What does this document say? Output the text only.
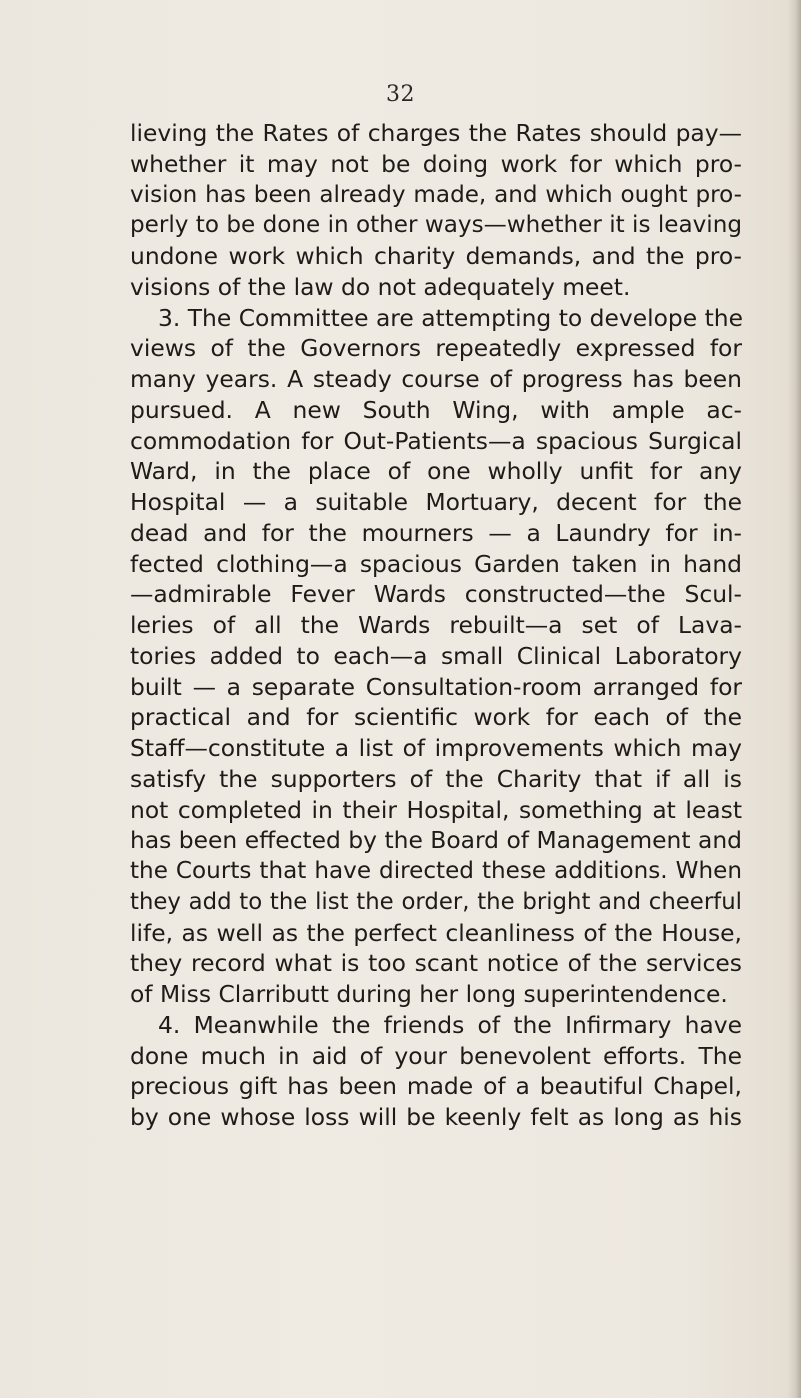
32
lieving the Rates of charges the Rates should pay—
whether it may not be doing work for which pro-
vision has been already made, and which ought pro-
perly to be done in other ways—whether it is leaving
undone work which charity demands, and the pro-
visions of the law do not adequately meet.
3. The Committee are attempting to develope the
views of the Governors repeatedly expressed for
many years. A steady course of progress has been
pursued. A new South Wing, with ample ac-
commodation for Out-Patients—a spacious Surgical
Ward, in the place of one wholly unfit for any
Hospital — a suitable Mortuary, decent for the
dead and for the mourners — a Laundry for in-
fected clothing—a spacious Garden taken in hand
—admirable Fever Wards constructed—the Scul-
leries of all the Wards rebuilt—a set of Lava-
tories added to each—a small Clinical Laboratory
built — a separate Consultation-room arranged for
practical and for scientific work for each of the
Staff—constitute a list of improvements which may
satisfy the supporters of the Charity that if all is
not completed in their Hospital, something at least
has been effected by the Board of Management and
the Courts that have directed these additions. When
they add to the list the order, the bright and cheerful
life, as well as the perfect cleanliness of the House,
they record what is too scant notice of the services
of Miss Clarributt during her long superintendence.
4. Meanwhile the friends of the Infirmary have
done much in aid of your benevolent efforts. The
precious gift has been made of a beautiful Chapel,
by one whose loss will be keenly felt as long as his
